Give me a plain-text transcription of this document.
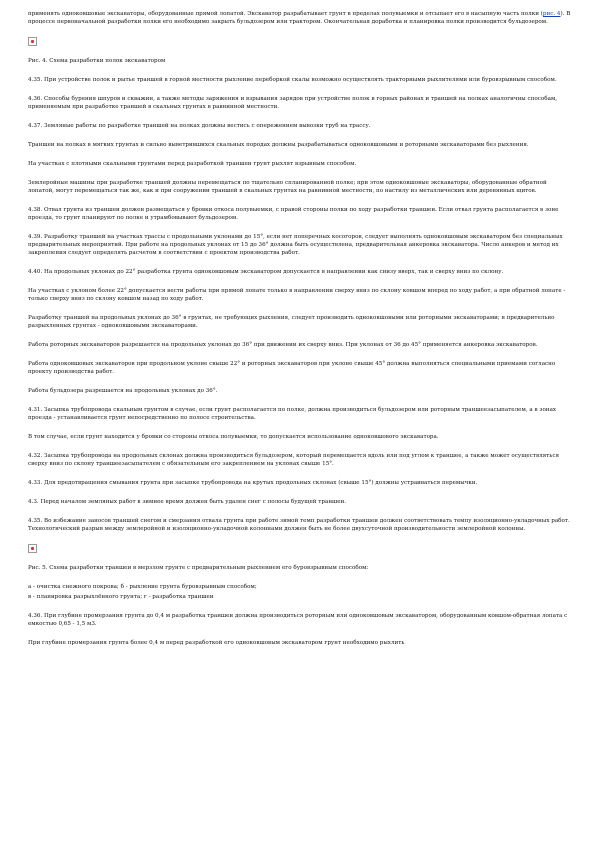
применять одноковшовые экскаваторы, оборудованные прямой лопатой. Экскаватор разрабатывает грунт в пределах полувыемки и отсыпает его в насыпную часть полки (рис. 4). В процессе первоначальной разработки полки его необходимо закрыть бульдозером или трактором. Окончательная доработка и планировка полки производится бульдозером.

Рис. 4. Схема разработки полок экскаватором

4.35. При устройстве полок и рытье траншей в горной местности рыхление переборкой скалы возможно осуществлять тракторными рыхлителями или буровзрывным способом.

4.36. Способы бурения шпуров и скважин, а также методы заряжения и взрывания зарядов при устройстве полок в горных районах и траншей на полках аналогичны способам, применяемым при разработке траншей в скальных грунтах в равнинной местности.

4.37. Земляные работы по разработке траншей на полках должны вестись с опережением вывозки труб на трассу.

Траншеи на полках в мягких грунтах и сильно выветрившихся скальных породах должны разрабатываться одноковшовыми и роторными экскаваторами без рыхления.

На участках с плотными скальными грунтами перед разработкой траншеи грунт рыхлят взрывным способом.

Землеройные машины при разработке траншей должны перемещаться по тщательно спланированной полке; при этом одноковшовые экскаваторы, оборудованные обратной лопатой, могут перемещаться так же, как и при сооружении траншей в скальных грунтах на равнинной местности, по настилу из металлических или деревянных щитов.

4.38. Отвал грунта из траншеи должен размещаться у бровки откоса полувыемки, с правой стороны полки по ходу разработки траншеи. Если отвал грунта располагается в зоне проезда, то грунт планируют по полке и утрамбовывают бульдозером.

4.39. Разработку траншей на участках трассы с продольными уклонами до 15°, если нет поперечных косогоров, следует выполнять одноковшовым экскаватором без специальных предварительных мероприятий. При работе на продольных уклонах от 15 до 36° должна быть осуществлена, предварительная анкеровка экскаватора. Число анкеров и метод их закрепления следует определять расчетом в соответствии с проектом производства работ.

4.40. На продольных уклонах до 22° разработка грунта одноковшовым экскаватором допускается в направлении как снизу вверх, так и сверху вниз по склону.

На участках с уклоном более 22° допускается вести работы при прямой лопате только в направлении сверху вниз по склону ковшом вперед по ходу работ, а при обратной лопате - только сверху вниз по склону ковшом назад по ходу работ.

Разработку траншей на продольных уклонах до 36° в грунтах, не требующих рыхления, следует производить одноковшовыми или роторными экскаваторами; в предварительно разрыхленных грунтах - одноковшовыми экскаваторами.

Работа роторных экскаваторов разрешается на продольных уклонах до 36° при движении их сверху вниз. При уклонах от 36 до 45° применяется анкеровка экскаваторов.

Работа одноковшовых экскаваторов при продольном уклоне свыше 22° и роторных экскаваторов при уклоне свыше 45° должна выполняться специальными приемами согласно проекту производства работ.

Работа бульдозера разрешается на продольных уклонах до 36°.

4.31. Засыпка трубопровода скальным грунтом в случае, если грунт располагается по полке, должна производиться бульдозером или роторным траншеезасыпателем, а в зонах проезда - устанавливается грунт непосредственно по полосе строительства.

В том случае, если грунт находится у бровки со стороны откоса полувыемки, то допускается использование одноковшового экскаватора.

4.32. Засыпка трубопровода на продольных склонах должна производиться бульдозером, который перемещается вдоль или под углом к траншее, а также может осуществляться сверху вниз по склону траншеезасыпателем с обязательным его закреплением на уклонах свыше 15°.

4.33. Для предотвращения смывания грунта при засыпке трубопровода на крутых продольных склонах (свыше 15°) должны устраиваться перемычки.

4.3. Перед началом земляных работ в зимнее время должен быть удален снег с полосы будущей траншеи.

4.35. Во избежание заносов траншей снегом и смерзания отвала грунта при работе зимой темп разработки траншеи должен соответствовать темпу изоляционно-укладочных работ. Технологический разрыв между землеройной и изоляционно-укладочной колоннами должен быть не более двухсуточной производительности землеройной колонны.

Рис. 5. Схема разработки траншеи в мерзлом грунте с предварительным рыхлением его буровзрывным способом:

а - очистка снежного покрова; б - рыхление грунта буровзрывным способом;

в - планировка разрыхлённого грунта; г - разработка траншеи

4.36. При глубине промерзания грунта до 0,4 м разработка траншеи должна производиться роторным или одноковшовым экскаватором, оборудованным ковшом-обратная лопата с емкостью 0,65 - 1,5 м3.

При глубине промерзания грунта более 0,4 м перед разработкой его одноковшовым экскаватором грунт необходимо рыхлить
